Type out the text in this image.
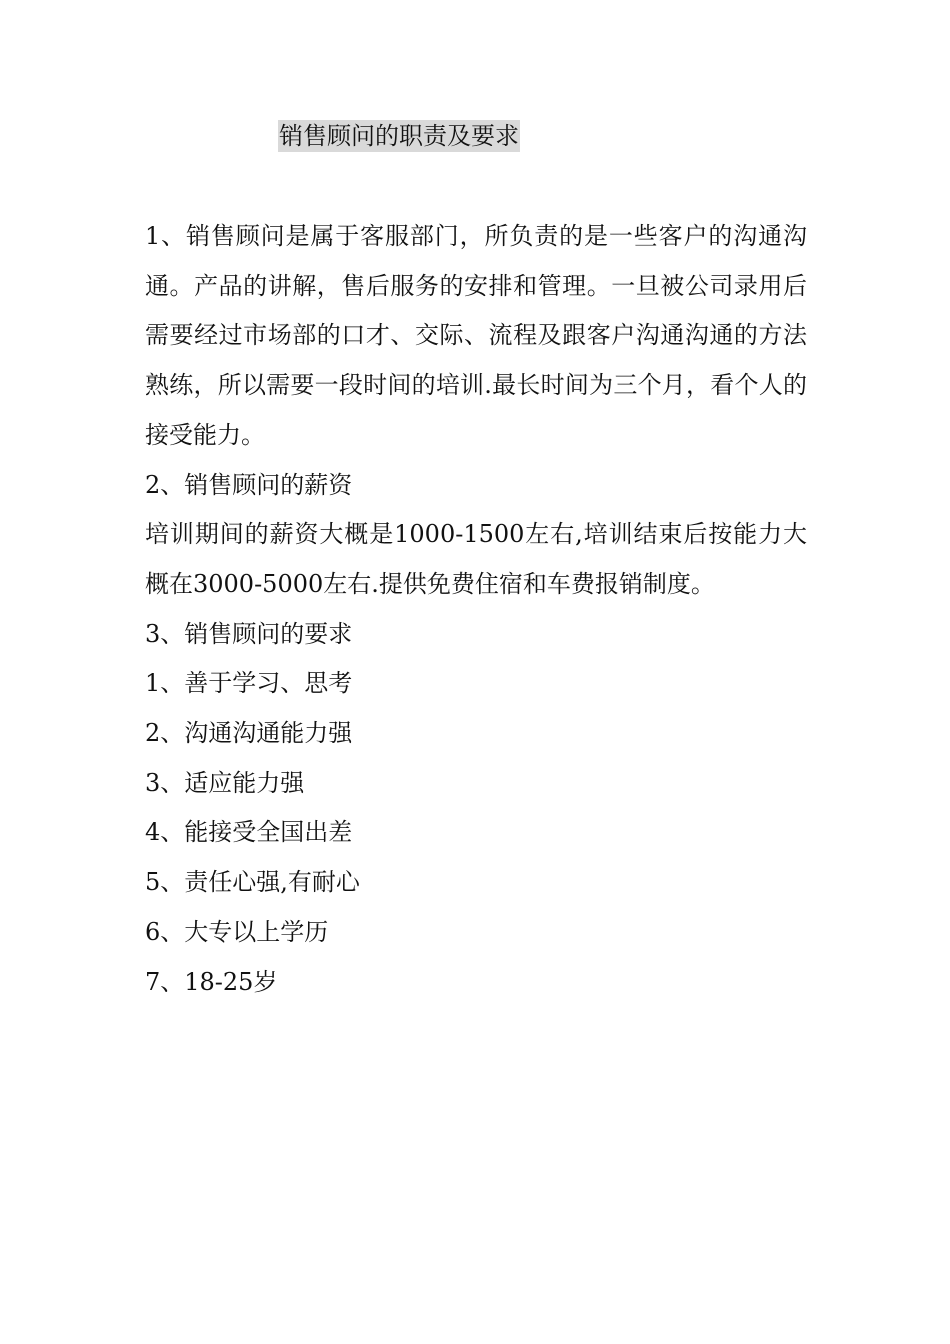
销售顾问的职责及要求

1、销售顾问是属于客服部门，所负责的是一些客户的沟通沟通。产品的讲解，售后服务的安排和管理。一旦被公司录用后需要经过市场部的口才、交际、流程及跟客户沟通沟通的方法熟练，所以需要一段时间的培训.最长时间为三个月，看个人的接受能力。

2、销售顾问的薪资

培训期间的薪资大概是1000-1500左右,培训结束后按能力大概在3000-5000左右.提供免费住宿和车费报销制度。

3、销售顾问的要求

1、善于学习、思考

2、沟通沟通能力强

3、适应能力强

4、能接受全国出差

5、责任心强,有耐心

6、大专以上学历

7、18-25岁
